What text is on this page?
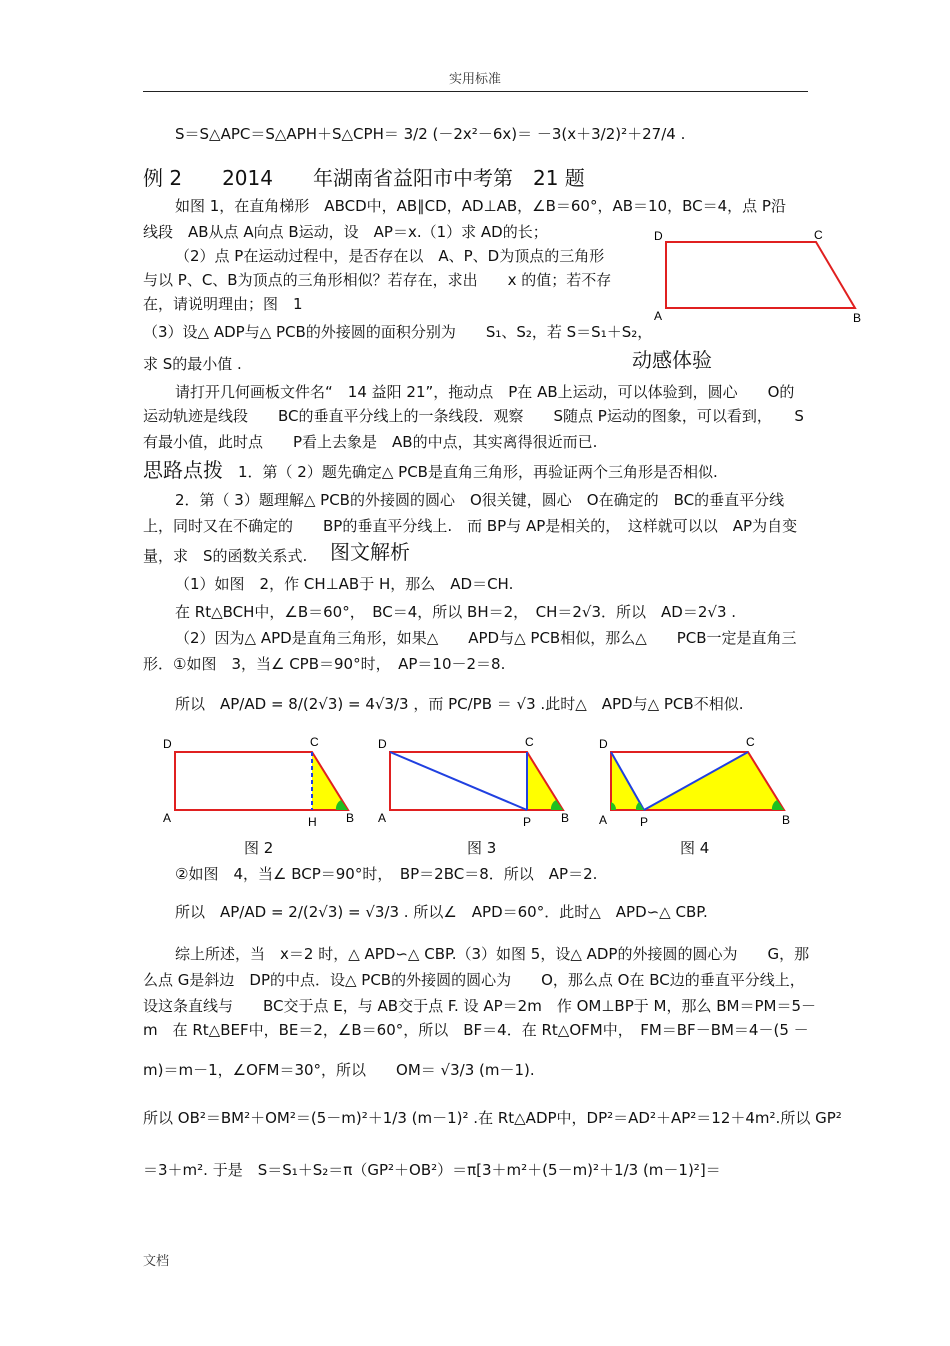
实用标准
S＝S△APC＝S△APH＋S△CPH＝ 3/2 (－2x²－6x)＝ －3(x＋3/2)²＋27/4 .
例 2　　2014　　年湖南省益阳市中考第　21 题
如图 1，在直角梯形　ABCD中，AB∥CD，AD⊥AB，∠B＝60°，AB＝10，BC＝4，点 P沿
线段　AB从点 A向点 B运动，设　AP＝x.（1）求 AD的长；
（2）点 P在运动过程中，是否存在以　A、P、D为顶点的三角形
与以 P、C、B为顶点的三角形相似？若存在，求出　　x 的值；若不存
在，请说明理由；图　1
（3）设△ ADP与△ PCB的外接圆的面积分别为　　S₁、S₂，若 S＝S₁＋S₂，
求 S的最小值 .	动感体验
请打开几何画板文件名“　14 益阳 21”，拖动点　P在 AB上运动，可以体验到，圆心　　O的
运动轨迹是线段　　BC的垂直平分线上的一条线段．观察　　S随点 P运动的图象，可以看到，　　S
有最小值，此时点　　P看上去象是　AB的中点，其实离得很近而已.
思路点拨 1．第（ 2）题先确定△ PCB是直角三角形，再验证两个三角形是否相似.
2．第（ 3）题理解△ PCB的外接圆的圆心　O很关键，圆心　O在确定的　BC的垂直平分线
上，同时又在不确定的　　BP的垂直平分线上.　而 BP与 AP是相关的，　这样就可以以　AP为自变
量，求　S的函数关系式. 图文解析
（1）如图　2，作 CH⊥AB于 H，那么　AD＝CH.
在 Rt△BCH中，∠B＝60°，　BC＝4，所以 BH＝2，　CH＝2√3．所以　AD＝2√3 .
（2）因为△ APD是直角三角形，如果△　　APD与△ PCB相似，那么△　　PCB一定是直角三
形．①如图　3，当∠ CPB＝90°时，　AP＝10－2＝8.
所以　AP/AD = 8/(2√3) = 4√3/3 ，而 PC/PB ＝ √3 .此时△　APD与△ PCB不相似.
D	C
A	B
D	C
A	H B
D	C
A	P B
D	C
A	P	B
图 2	图 3	图 4
②如图　4，当∠ BCP＝90°时，　BP＝2BC＝8．所以　AP＝2.
所以　AP/AD = 2/(2√3) = √3/3 . 所以∠　APD＝60°．此时△　APD∽△ CBP.
综上所述，当　x＝2 时，△ APD∽△ CBP.（3）如图 5，设△ ADP的外接圆的圆心为　　G，那
么点 G是斜边　DP的中点．设△ PCB的外接圆的圆心为　　O，那么点 O在 BC边的垂直平分线上，
设这条直线与　　BC交于点 E，与 AB交于点 F. 设 AP＝2m　作 OM⊥BP于 M，那么 BM＝PM＝5－
m　在 Rt△BEF中，BE＝2，∠B＝60°，所以　BF＝4．在 Rt△OFM中，　FM＝BF－BM＝4－(5 －
m)＝m－1，∠OFM＝30°，所以　　OM＝ √3/3 (m－1).
所以 OB²＝BM²＋OM²＝(5－m)²＋1/3 (m－1)² .在 Rt△ADP中，DP²＝AD²＋AP²＝12＋4m².所以 GP²
＝3＋m². 于是　S＝S₁＋S₂＝π（GP²＋OB²）＝π[3＋m²＋(5－m)²＋1/3 (m－1)²]＝
文档
